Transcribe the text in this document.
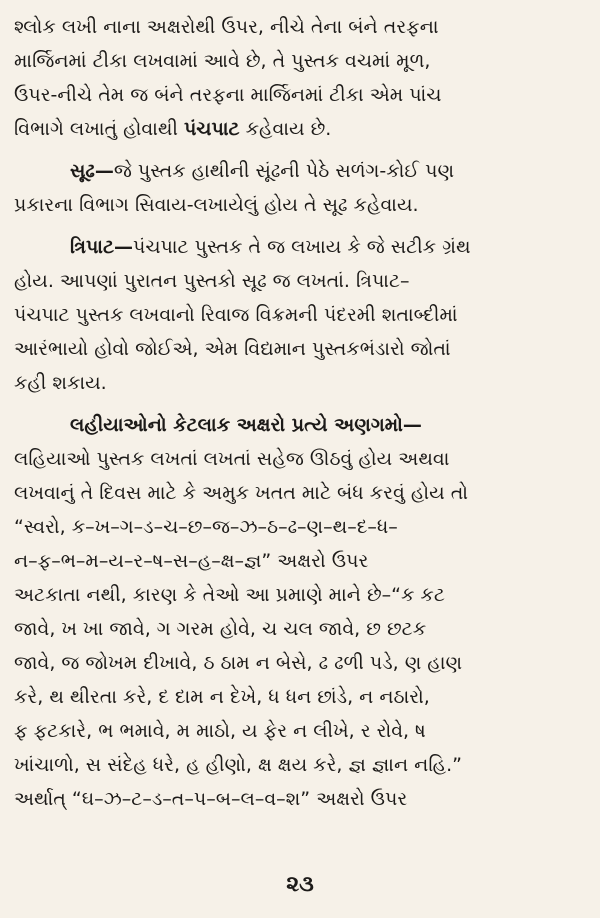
શ્લોક લખી નાના અક્ષરોથી ઉપર, નીચે તેના બંને તરફના
માર્જિનમાં ટીકા લખવામાં આવે છે, તે પુસ્તક વચમાં મૂળ,
ઉપર-નીચે તેમ જ બંને તરફના માર્જિનમાં ટીકા એમ પાંચ
વિભાગે લખાતું હોવાથી પંચપાટ કહેવાય છે.
સૂઢ—જે પુસ્તક હાથીની સૂંઢની પેઠે સળંગ-કોઈ પણ
પ્રકારના વિભાગ સિવાય-લખાયેલું હોય તે સૂઢ કહેવાય.
ત્રિપાટ—પંચપાટ પુસ્તક તે જ લખાય કે જે સટીક ગ્રંથ
હોય. આપણાં પુરાતન પુસ્તકો સૂઢ જ લખતાં. ત્રિપાટ–
પંચપાટ પુસ્તક લખવાનો રિવાજ વિક્રમની પંદરમી શતાબ્દીમાં
આરંભાયો હોવો જોઈએ, એમ વિદ્યમાન પુસ્તકભંડારો જોતાં
કહી શકાય.
લહીયાઓનો કેટલાક અક્ષરો પ્રત્યે અણગમો—
લહિયાઓ પુસ્તક લખતાં લખતાં સહેજ ઊઠવું હોય અથવા
લખવાનું તે દિવસ માટે કે અમુક ખતત માટે બંધ કરવું હોય તો
“સ્વરો, ક–ખ–ગ–ડ–ચ–છ–જ–ઝ–ઠ–ઢ–ણ–થ–દ–ધ–
ન–ફ–ભ–મ–ય–ર–ષ–સ–હ–ક્ષ–જ્ઞ” અક્ષરો ઉપર
અટકાતા નથી, કારણ કે તેઓ આ પ્રમાણે માને છે–“ક કટ
જાવે, ખ ખા જાવે, ગ ગરમ હોવે, ચ ચલ જાવે, છ છટક
જાવે, જ જોખમ દીખાવે, ઠ ઠામ ન બેસે, ઢ ઢળી પડે, ણ હાણ
કરે, થ થીરતા કરે, દ દામ ન દેખે, ધ ધન છાંડે, ન નઠારો,
ફ ફટકારે, ભ ભમાવે, મ માઠો, ય ફેર ન લીખે, ર રોવે, ષ
ખાંચાળો, સ સંદેહ ધરે, હ હીણો, ક્ષ ક્ષય કરે, જ્ઞ જ્ઞાન નહિ.”
અર્થાત્ “ઘ–ઝ–ટ–ડ–ત–પ–બ–લ–વ–શ” અક્ષરો ઉપર
૨૩
